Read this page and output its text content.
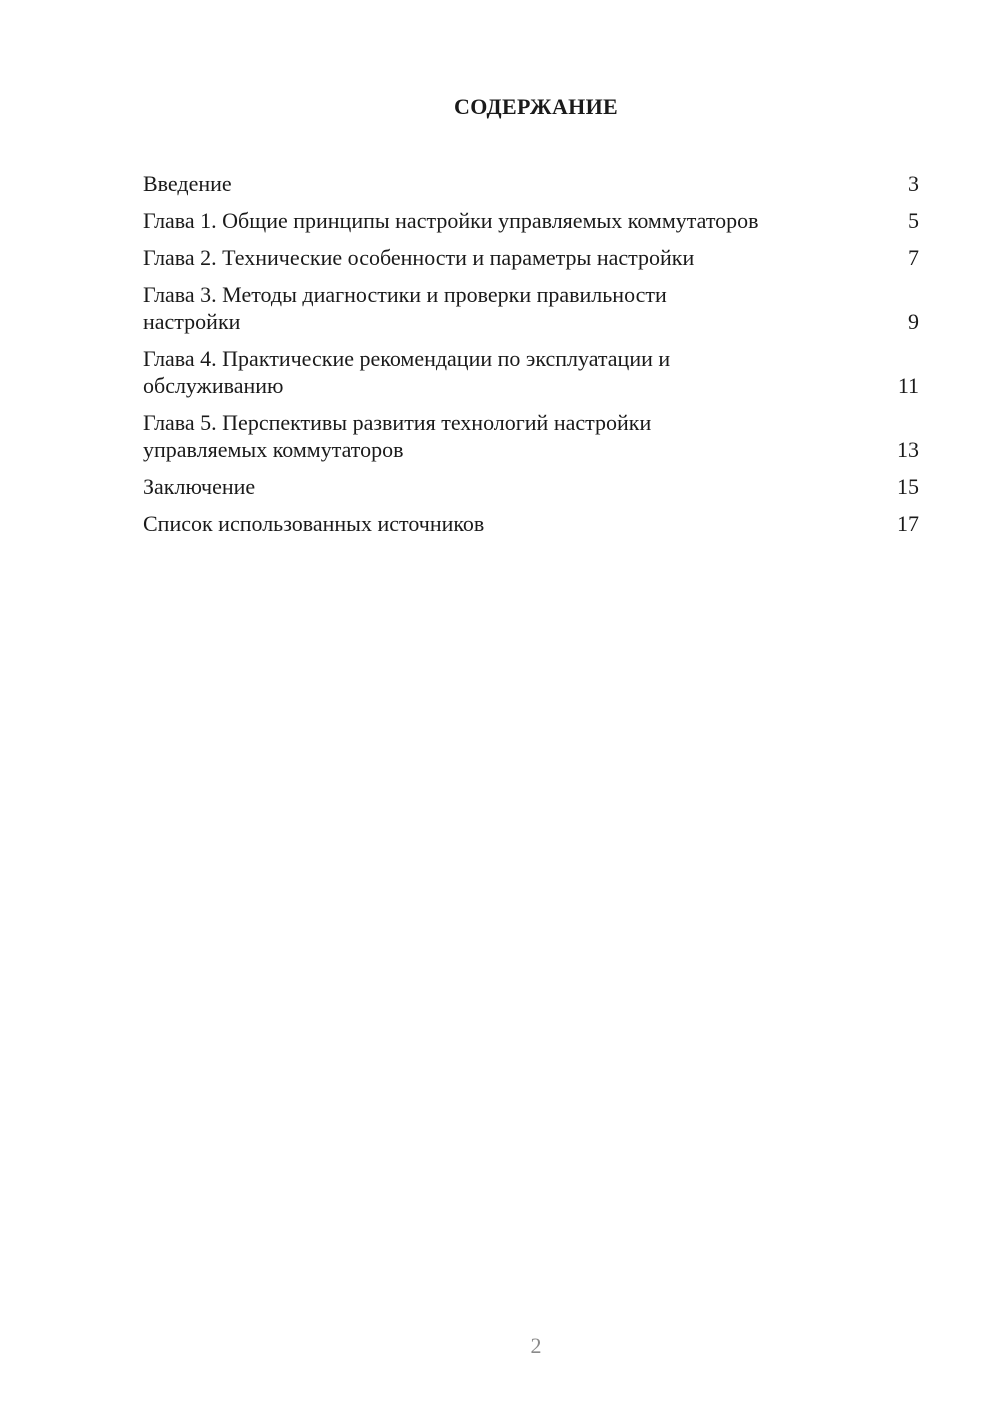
СОДЕРЖАНИЕ
Введение	3
Глава 1. Общие принципы настройки управляемых коммутаторов	5
Глава 2. Технические особенности и параметры настройки	7
Глава 3. Методы диагностики и проверки правильности настройки	9
Глава 4. Практические рекомендации по эксплуатации и обслуживанию	11
Глава 5. Перспективы развития технологий настройки управляемых коммутаторов	13
Заключение	15
Список использованных источников	17
2
